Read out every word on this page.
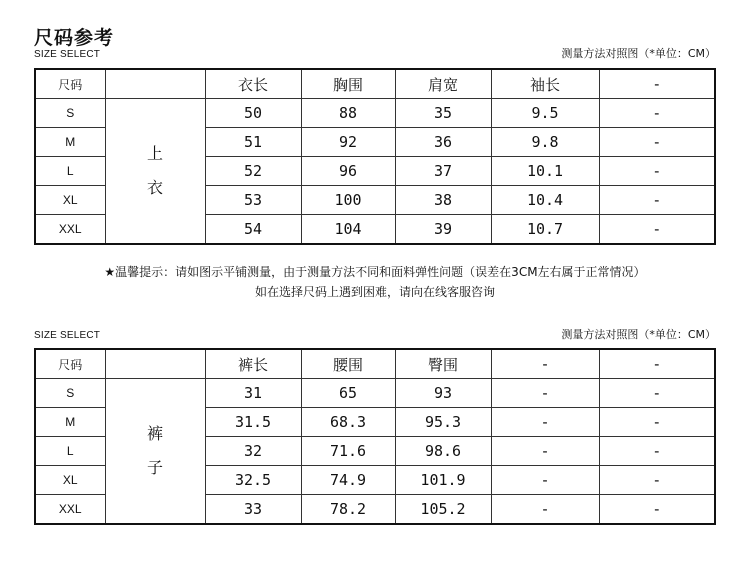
尺码参考
SIZE SELECT	测量方法对照图（*单位：CM）
尺码		衣长	胸围	肩宽	袖长	-
S	上衣	50	88	35	9.5	-
M		51	92	36	9.8	-
L		52	96	37	10.1	-
XL		53	100	38	10.4	-
XXL		54	104	39	10.7	-
★温馨提示：请如图示平铺测量，由于测量方法不同和面料弹性问题（误差在3CM左右属于正常情况）
如在选择尺码上遇到困难，请向在线客服咨询
SIZE SELECT	测量方法对照图（*单位：CM）
尺码		裤长	腰围	臀围	-	-
S	裤子	31	65	93	-	-
M		31.5	68.3	95.3	-	-
L		32	71.6	98.6	-	-
XL		32.5	74.9	101.9	-	-
XXL		33	78.2	105.2	-	-
